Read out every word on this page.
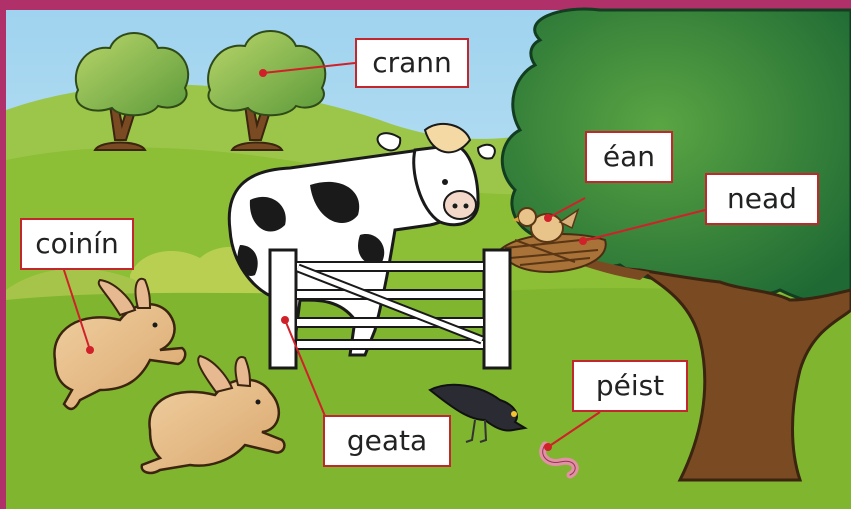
crann
éan
nead
coinín
geata
péist
